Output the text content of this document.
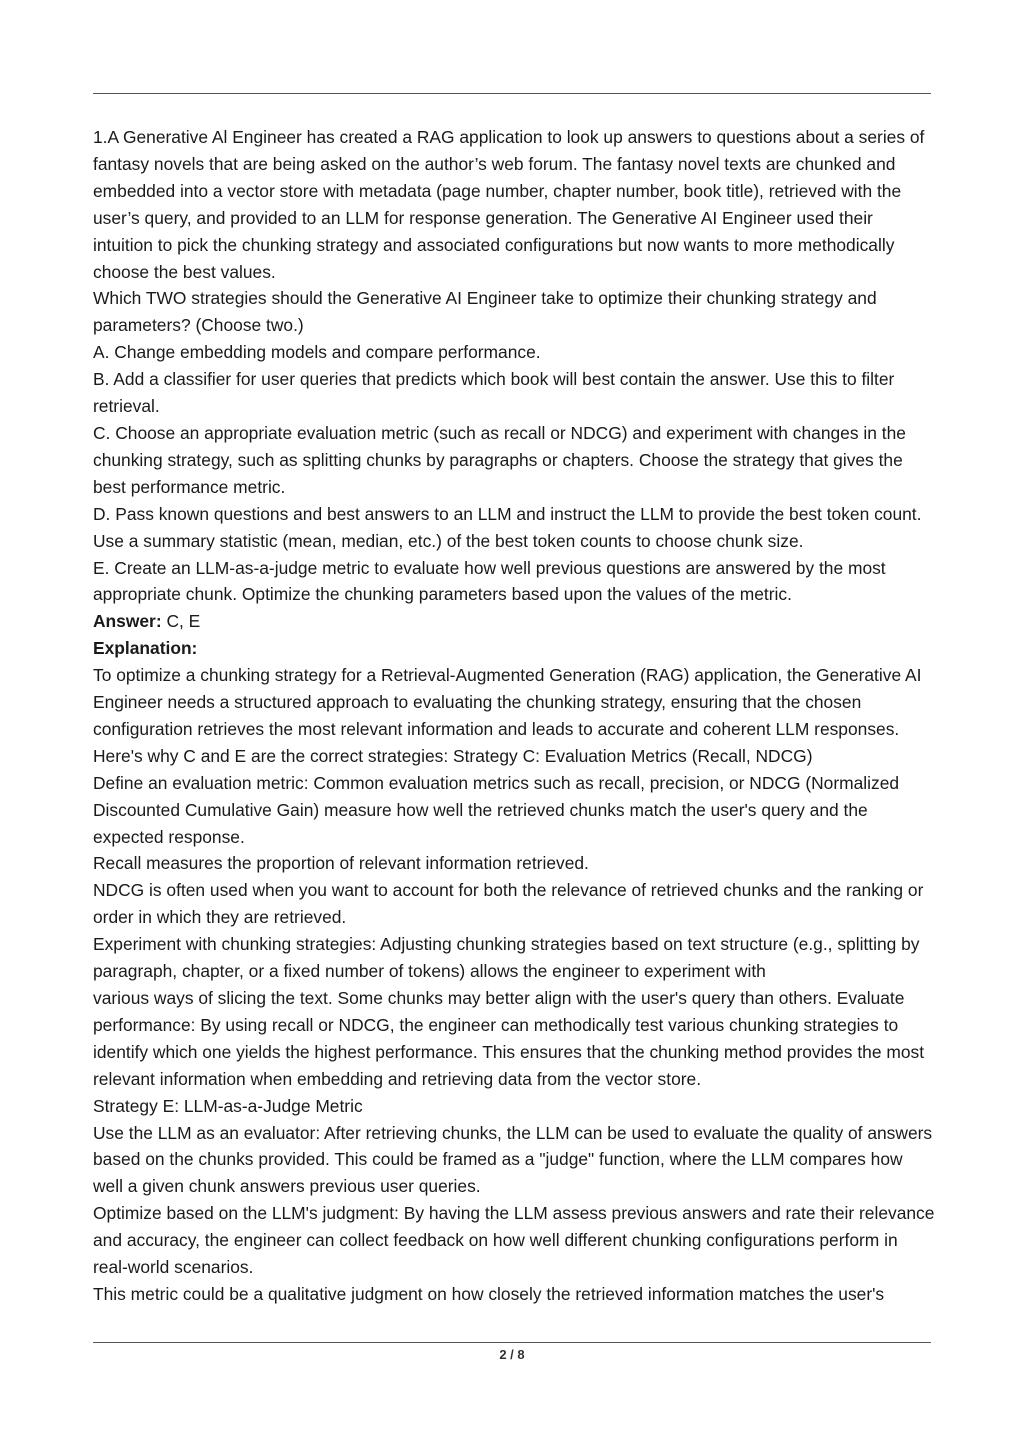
1.A Generative Al Engineer has created a RAG application to look up answers to questions about a series of fantasy novels that are being asked on the author’s web forum. The fantasy novel texts are chunked and embedded into a vector store with metadata (page number, chapter number, book title), retrieved with the user’s query, and provided to an LLM for response generation. The Generative AI Engineer used their intuition to pick the chunking strategy and associated configurations but now wants to more methodically choose the best values.

Which TWO strategies should the Generative AI Engineer take to optimize their chunking strategy and parameters? (Choose two.)

A. Change embedding models and compare performance.

B. Add a classifier for user queries that predicts which book will best contain the answer. Use this to filter retrieval.

C. Choose an appropriate evaluation metric (such as recall or NDCG) and experiment with changes in the chunking strategy, such as splitting chunks by paragraphs or chapters. Choose the strategy that gives the best performance metric.

D. Pass known questions and best answers to an LLM and instruct the LLM to provide the best token count. Use a summary statistic (mean, median, etc.) of the best token counts to choose chunk size.

E. Create an LLM-as-a-judge metric to evaluate how well previous questions are answered by the most appropriate chunk. Optimize the chunking parameters based upon the values of the metric.

Answer: C, E

Explanation:

To optimize a chunking strategy for a Retrieval-Augmented Generation (RAG) application, the Generative AI Engineer needs a structured approach to evaluating the chunking strategy, ensuring that the chosen configuration retrieves the most relevant information and leads to accurate and coherent LLM responses. Here's why C and E are the correct strategies: Strategy C: Evaluation Metrics (Recall, NDCG)

Define an evaluation metric: Common evaluation metrics such as recall, precision, or NDCG (Normalized Discounted Cumulative Gain) measure how well the retrieved chunks match the user's query and the expected response.

Recall measures the proportion of relevant information retrieved.

NDCG is often used when you want to account for both the relevance of retrieved chunks and the ranking or order in which they are retrieved.

Experiment with chunking strategies: Adjusting chunking strategies based on text structure (e.g., splitting by paragraph, chapter, or a fixed number of tokens) allows the engineer to experiment with

various ways of slicing the text. Some chunks may better align with the user's query than others. Evaluate performance: By using recall or NDCG, the engineer can methodically test various chunking strategies to identify which one yields the highest performance. This ensures that the chunking method provides the most relevant information when embedding and retrieving data from the vector store.

Strategy E: LLM-as-a-Judge Metric

Use the LLM as an evaluator: After retrieving chunks, the LLM can be used to evaluate the quality of answers based on the chunks provided. This could be framed as a "judge" function, where the LLM compares how well a given chunk answers previous user queries.

Optimize based on the LLM's judgment: By having the LLM assess previous answers and rate their relevance and accuracy, the engineer can collect feedback on how well different chunking configurations perform in real-world scenarios.

This metric could be a qualitative judgment on how closely the retrieved information matches the user's

2 / 8
